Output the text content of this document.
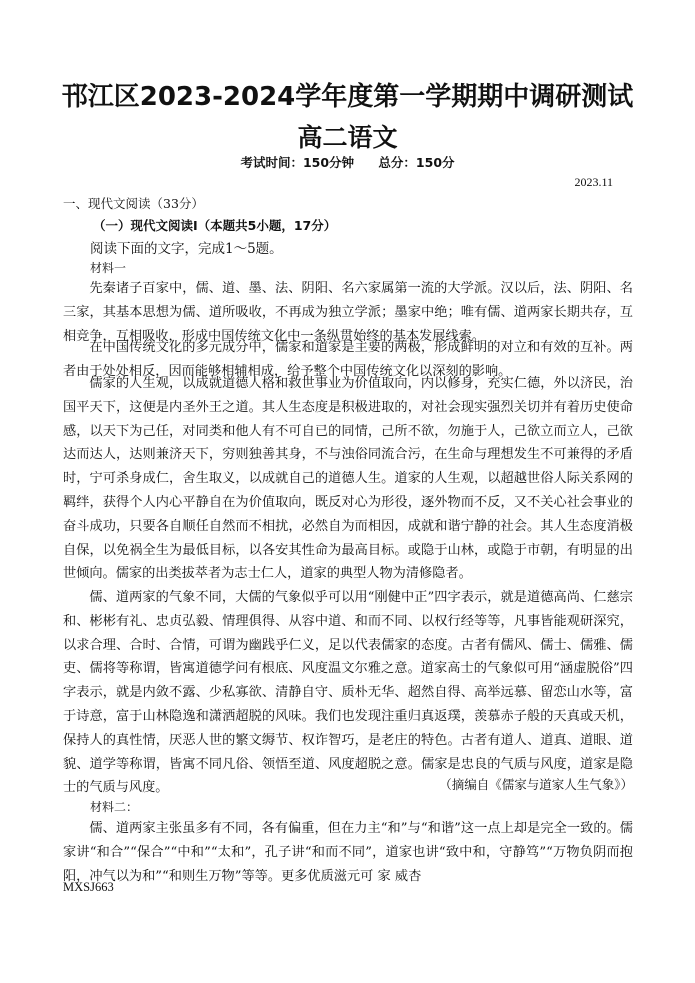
邗江区2023-2024学年度第一学期期中调研测试
高二语文
考试时间：150分钟 总分：150分
2023.11
一、现代文阅读（33分）
（一）现代文阅读Ⅰ（本题共5小题，17分）
阅读下面的文字，完成1～5题。
材料一

先秦诸子百家中，儒、道、墨、法、阴阳、名六家属第一流的大学派。汉以后，法、阴阳、名三家，其基本思想为儒、道所吸收，不再成为独立学派；墨家中绝；唯有儒、道两家长期共存，互相竞争，互相吸收，形成中国传统文化中一条纵贯始终的基本发展线索。

在中国传统文化的多元成分中，儒家和道家是主要的两极，形成鲜明的对立和有效的互补。两者由于处处相反，因而能够相辅相成，给予整个中国传统文化以深刻的影响。

儒家的人生观，以成就道德人格和救世事业为价值取向，内以修身，充实仁德，外以济民，治国平天下，这便是内圣外王之道。其人生态度是积极进取的，对社会现实强烈关切并有着历史使命感，以天下为己任，对同类和他人有不可自已的同情，己所不欲，勿施于人，己欲立而立人，己欲达而达人，达则兼济天下，穷则独善其身，不与浊俗同流合污，在生命与理想发生不可兼得的矛盾时，宁可杀身成仁，舍生取义，以成就自己的道德人生。道家的人生观，以超越世俗人际关系网的羁绊，获得个人内心平静自在为价值取向，既反对心为形役，逐外物而不反，又不关心社会事业的奋斗成功，只要各自顺任自然而不相扰，必然自为而相因，成就和谐宁静的社会。其人生态度消极自保，以免祸全生为最低目标，以各安其性命为最高目标。或隐于山林，或隐于市朝，有明显的出世倾向。儒家的出类拔萃者为志士仁人，道家的典型人物为清修隐者。

儒、道两家的气象不同，大儒的气象似乎可以用“刚健中正”四字表示，就是道德高尚、仁慈宗和、彬彬有礼、忠贞弘毅、情理俱得、从容中道、和而不同、以权行经等等，凡事皆能观研深究，以求合理、合时、合情，可谓为幽践乎仁义，足以代表儒家的态度。古者有儒风、儒士、儒雅、儒吏、儒将等称谓，皆寓道德学问有根底、风度温文尔雅之意。道家高士的气象似可用“涵虚脱俗”四字表示，就是内敛不露、少私寡欲、清静自守、质朴无华、超然自得、高举远慕、留恋山水等，富于诗意，富于山林隐逸和潇洒超脱的风味。我们也发现注重归真返璞，羡慕赤子般的天真或天机，保持人的真性情，厌恶人世的繁文缛节、权诈智巧，是老庄的特色。古者有道人、道真、道眼、道貌、道学等称谓，皆寓不同凡俗、领悟至道、风度超脱之意。儒家是忠良的气质与风度，道家是隐士的气质与风度。	（摘编自《儒家与道家人生气象》）
材料二：

儒、道两家主张虽多有不同，各有偏重，但在力主“和”与“和谐”这一点上却是完全一致的。儒家讲“和合”“保合”“中和”“太和”，孔子讲“和而不同”，道家也讲“致中和，守静笃”“万物负阴而抱阳，冲气以为和”“和则生万物”等等。更多优质滋元可 家 威杏

MXSJ663
